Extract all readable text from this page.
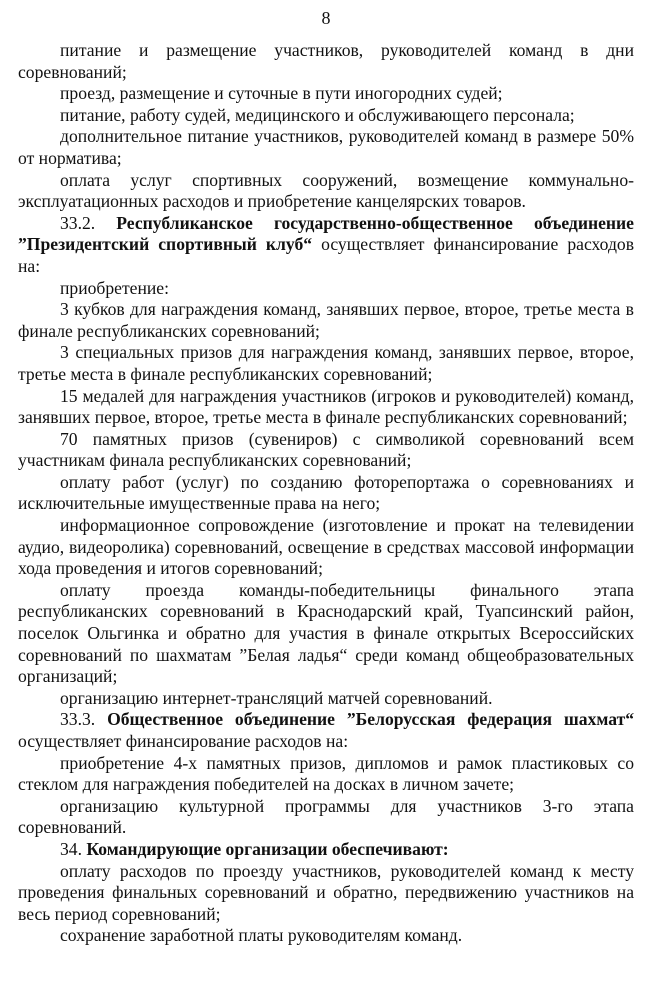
8

питание и размещение участников, руководителей команд в дни соревнований;

проезд, размещение и суточные в пути иногородних судей;

питание, работу судей, медицинского и обслуживающего персонала;

дополнительное питание участников, руководителей команд в размере 50% от норматива;

оплата услуг спортивных сооружений, возмещение коммунально-эксплуатационных расходов и приобретение канцелярских товаров.

33.2. Республиканское государственно-общественное объединение ”Президентский спортивный клуб“ осуществляет финансирование расходов на:

приобретение:

3 кубков для награждения команд, занявших первое, второе, третье места в финале республиканских соревнований;

3 специальных призов для награждения команд, занявших первое, второе, третье места в финале республиканских соревнований;

15 медалей для награждения участников (игроков и руководителей) команд, занявших первое, второе, третье места в финале республиканских соревнований;

70 памятных призов (сувениров) с символикой соревнований всем участникам финала республиканских соревнований;

оплату работ (услуг) по созданию фоторепортажа о соревнованиях и исключительные имущественные права на него;

информационное сопровождение (изготовление и прокат на телевидении аудио, видеоролика) соревнований, освещение в средствах массовой информации хода проведения и итогов соревнований;

оплату проезда команды-победительницы финального этапа республиканских соревнований в Краснодарский край, Туапсинский район, поселок Ольгинка и обратно для участия в финале открытых Всероссийских соревнований по шахматам ”Белая ладья“ среди команд общеобразовательных организаций;

организацию интернет-трансляций матчей соревнований.

33.3. Общественное объединение ”Белорусская федерация шахмат“ осуществляет финансирование расходов на:

приобретение 4-х памятных призов, дипломов и рамок пластиковых со стеклом для награждения победителей на досках в личном зачете;

организацию культурной программы для участников 3-го этапа соревнований.

34. Командирующие организации обеспечивают:

оплату расходов по проезду участников, руководителей команд к месту проведения финальных соревнований и обратно, передвижению участников на весь период соревнований;

сохранение заработной платы руководителям команд.
